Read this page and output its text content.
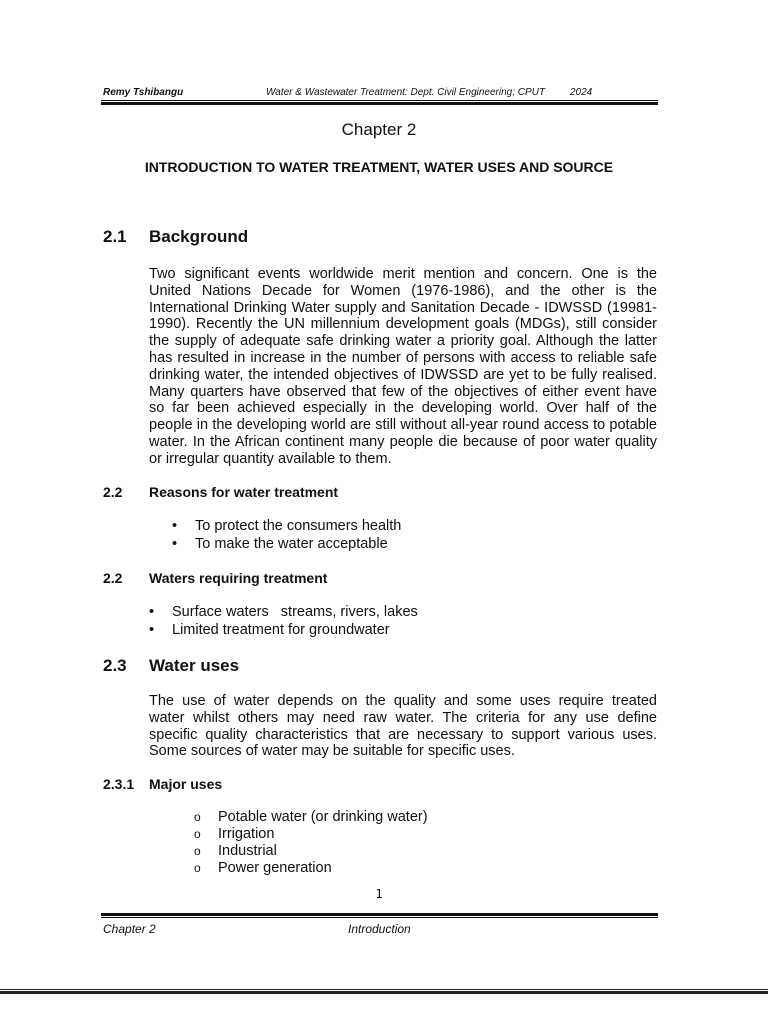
Remy Tshibangu	Water & Wastewater Treatment: Dept. Civil Engineering; CPUT	2024
Chapter 2
INTRODUCTION TO WATER TREATMENT, WATER USES AND SOURCE
2.1 Background
Two significant events worldwide merit mention and concern. One is the
United Nations Decade for Women (1976-1986), and the other is the
International Drinking Water supply and Sanitation Decade - IDWSSD (19981-
1990). Recently the UN millennium development goals (MDGs), still consider
the supply of adequate safe drinking water a priority goal. Although the latter
has resulted in increase in the number of persons with access to reliable safe
drinking water, the intended objectives of IDWSSD are yet to be fully realised.
Many quarters have observed that few of the objectives of either event have
so far been achieved especially in the developing world. Over half of the
people in the developing world are still without all-year round access to potable
water. In the African continent many people die because of poor water quality
or irregular quantity available to them.
2.2 Reasons for water treatment
• To protect the consumers health
• To make the water acceptable
2.2 Waters requiring treatment
• Surface waters   streams, rivers, lakes
• Limited treatment for groundwater
2.3 Water uses
The use of water depends on the quality and some uses require treated
water whilst others may need raw water. The criteria for any use define
specific quality characteristics that are necessary to support various uses.
Some sources of water may be suitable for specific uses.
2.3.1 Major uses
o Potable water (or drinking water)
o Irrigation
o Industrial
o Power generation
1
Chapter 2	Introduction
